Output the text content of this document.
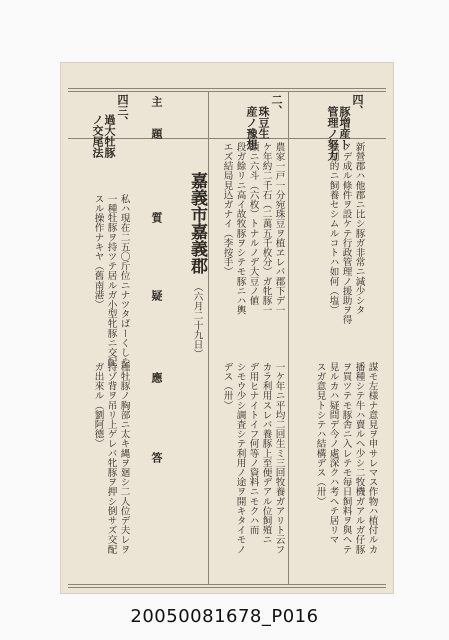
四、
豚増産ト
管理ノ努力
新營郡ハ他郡ニ比シ豚ガ非常ニ減少シタ
ノデ成ル條件ヲ設ケテ行政管理ノ援助ヲ得
強制的ニ飼養セシムルコトハ如何（塩）
二、
珠豆生
産ノ豫想
農家一戸一分宛珠豆ヲ植ヱレバ郡下デ一
ケ年約二千石（二萬五千枚分）ガ牝豚一
頭ニ六斗（六枚）トナルノデ大豆ノ値
段ガ餘リニ高イ故牧豚ヲシテモ豚ニハ輿
エズ結局見込ガナイ（李按手）
嘉義市嘉義郡
（六月二十九日）
主
題
質
疑
應
答
四三、
過大牡豚
ノ交尾法
私ハ現在二五〇斤位ニナツタばーくしや
一種牡豚ヲ持ツテ居ルガ小型牝豚ニ交配
スル操作ナキヤ（舊南港）
謀モ左様ナ意見ヲ申サレマス作物ハ植付ルカ
播種シテ牛ハ賣ルヘ少シ二牧機ガアルガ仔豚
ヲ買ツテモ豚舎ニ入レテモ毎日飼料ヲ與ヘテ
見ルカハ疑問デ今ノ處深クハ考ヘテ居リマ
スガ意見トシテハ結構デス（卅）
一ケ年ニ平均二回生ミ三回牧養ガアリト云フ
カラ利用スレバ養豚上至便デアル位飼殖ニ
デ用ヒナイトイフ何等ノ資料ニモクハ而
シモウ少シ調査シテ利用ノ途ヲ開キタイモノ
デス（卅）
種牡豚ノ胸部ニ太キ縄ヲ廻シ二人位デ夫レヲ
持ゾ背ヲ吊リ上ゲレバ牝豚ヲ押シ倒サズ交配
ガ出來ル（劉阿德）
20050081678_P016
